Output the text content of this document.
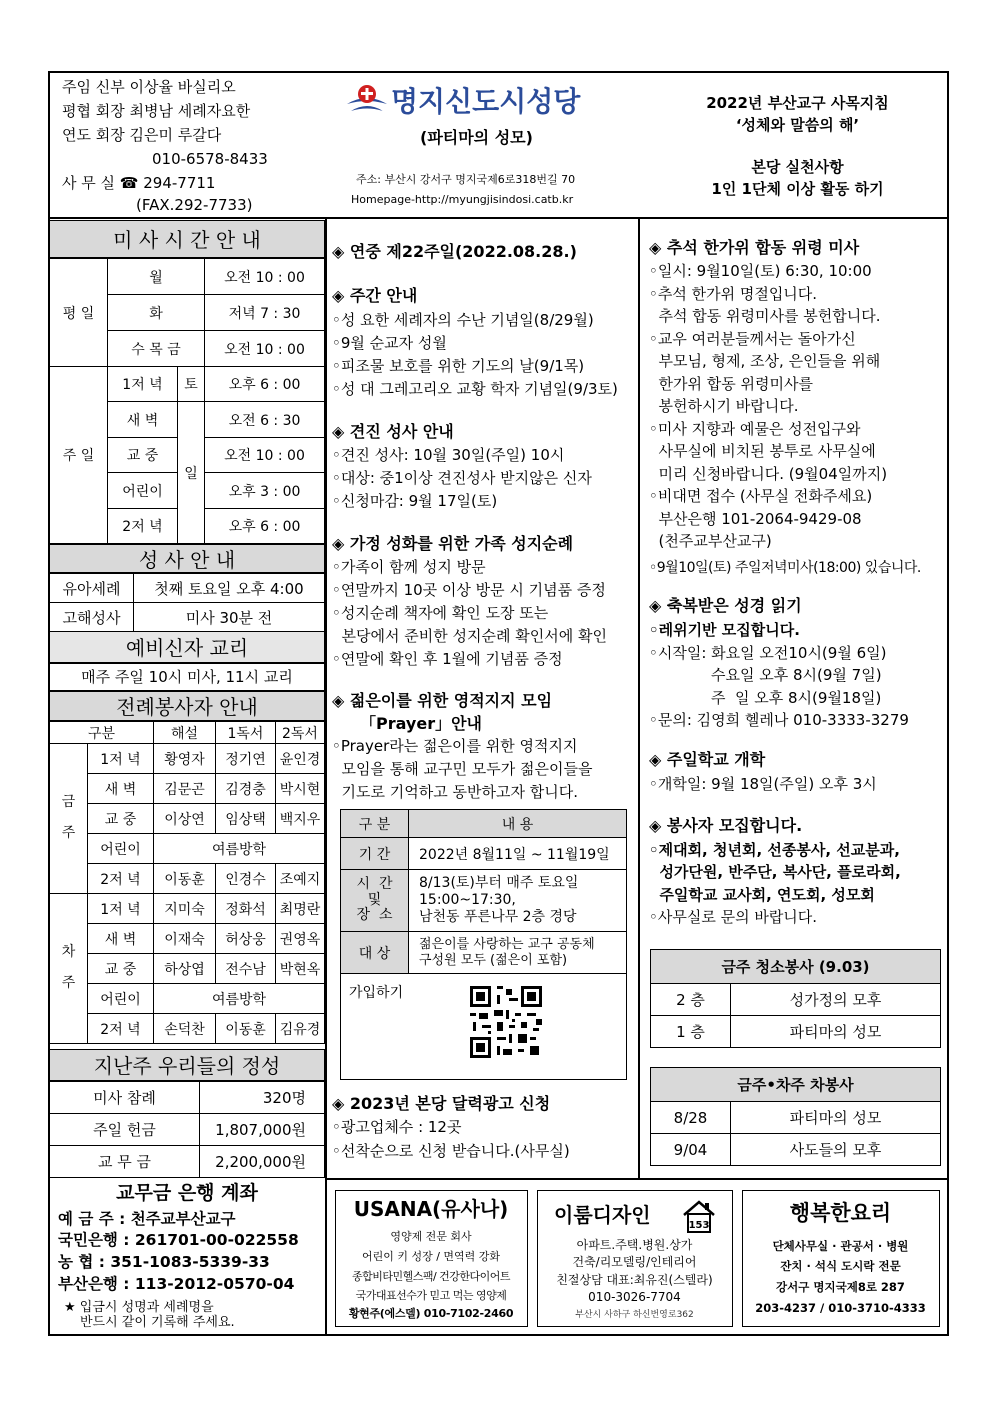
주임 신부 이상율 바실리오
평협 회장 최병남 세례자요한
연도 회장 김은미 루갈다
010-6578-8433
사 무 실 ☎ 294-7711
(FAX.292-7733)
명지신도시성당
(파티마의 성모)
주소: 부산시 강서구 명지국제6로318번길 70
Homepage-http://myungjisindosi.catb.kr
2022년 부산교구 사목지침
‘성체와 말씀의 해’
본당 실천사항
1인 1단체 이상 활동 하기
미 사 시 간 안 내
평 일	월		오전 10 : 00
	화		저녁 7 : 30
	수 목 금		오전 10 : 00
주 일	1저 녁	토	오후 6 : 00
	새 벽	일	오전 6 : 30
	교 중		오전 10 : 00
	어린이		오후 3 : 00
	2저 녁		오후 6 : 00
성 사 안 내
유아세례	첫째 토요일 오후 4:00
고해성사	미사 30분 전
예비신자 교리
매주 주일 10시 미사, 11시 교리
전례봉사자 안내
구분		해설	1독서	2독서
금

주	1저 녁	황영자	정기연	윤인경
	새 벽	김문곤	김경충	박시현
	교 중	이상연	임상택	백지우
	어린이	여름방학		
	2저 녁	이동훈	인경수	조예지
차

주	1저 녁	지미숙	정화석	최명란
	새 벽	이재숙	허상웅	권영옥
	교 중	하상엽	전수남	박현옥
	어린이	여름방학		
	2저 녁	손덕찬	이동훈	김유경
지난주 우리들의 정성
미사 참례	320명
주일 헌금	1,807,000원
교 무 금	2,200,000원
교무금 은행 계좌
예 금 주 : 천주교부산교구
국민은행 : 261701-00-022558
농 협 : 351-1083-5339-33
부산은행 : 113-2012-0570-04
★ 입금시 성명과 세례명을
반드시 같이 기록해 주세요.
◈ 연중 제22주일(2022.08.28.)
◈ 주간 안내
◦성 요한 세례자의 수난 기념일(8/29월)
◦9월 순교자 성월
◦피조물 보호를 위한 기도의 날(9/1목)
◦성 대 그레고리오 교황 학자 기념일(9/3토)
◈ 견진 성사 안내
◦견진 성사: 10월 30일(주일) 10시
◦대상: 중1이상 견진성사 받지않은 신자
◦신청마감: 9월 17일(토)
◈ 가정 성화를 위한 가족 성지순례
◦가족이 함께 성지 방문
◦연말까지 10곳 이상 방문 시 기념품 증정
◦성지순례 책자에 확인 도장 또는
본당에서 준비한 성지순례 확인서에 확인
◦연말에 확인 후 1월에 기념품 증정
◈ 젊은이를 위한 영적지지 모임
「Prayer」안내
◦Prayer라는 젊은이를 위한 영적지지
모임을 통해 교구민 모두가 젊은이들을
기도로 기억하고 동반하고자 합니다.
구 분	내 용
기 간	2022년 8월11일 ~ 11월19일
시  간
및
장  소	8/13(토)부터 매주 토요일
15:00~17:30,
남천동 푸른나무 2층 경당
대 상	젊은이를 사랑하는 교구 공동체
구성원 모두 (젊은이 포함)
가입하기	
◈ 2023년 본당 달력광고 신청
◦광고업체수 : 12곳
◦선착순으로 신청 받습니다.(사무실)
◈ 추석 한가위 합동 위령 미사
◦일시: 9월10일(토) 6:30, 10:00
◦추석 한가위 명절입니다.
추석 합동 위령미사를 봉헌합니다.
◦교우 여러분들께서는 돌아가신
부모님, 형제, 조상, 은인들을 위해
한가위 합동 위령미사를
봉헌하시기 바랍니다.
◦미사 지향과 예물은 성전입구와
사무실에 비치된 봉투로 사무실에
미리 신청바랍니다. (9월04일까지)
◦비대면 접수 (사무실 전화주세요)
부산은행 101-2064-9429-08
(천주교부산교구)
◦9월10일(토) 주일저녁미사(18:00) 있습니다.
◈ 축복받은 성경 읽기
◦레위기반 모집합니다.
◦시작일: 화요일 오전10시(9월 6일)
수요일 오후 8시(9월 7일)
주  일 오후 8시(9월18일)
◦문의: 김영희 헬레나 010-3333-3279
◈ 주일학교 개학
◦개학일: 9월 18일(주일) 오후 3시
◈ 봉사자 모집합니다.
◦제대회, 청년회, 선종봉사, 선교분과,
성가단원, 반주단, 복사단, 플로라회,
주일학교 교사회, 연도회, 성모회
◦사무실로 문의 바랍니다.
금주 청소봉사 (9.03)	
2 층	성가정의 모후
1 층	파티마의 성모
금주•차주 차봉사	
8/28	파티마의 성모
9/04	사도들의 모후
USANA(유사나)
영양제 전문 회사
어린이 키 성장 / 면역력 강화
종합비타민헬스팩/ 건강한다이어트
국가대표선수가 믿고 먹는 영양제
황현주(에스델) 010-7102-2460
이룸디자인	153
아파트.주택.병원.상가
건축/리모델링/인테리어
친절상담 대표:최유진(스텔라)
010-3026-7704
부산시 사하구 하신번영로362
행복한요리
단체사무실 · 관공서 · 병원
잔치 · 석식 도시락 전문
강서구 명지국제8로 287
203-4237 / 010-3710-4333
